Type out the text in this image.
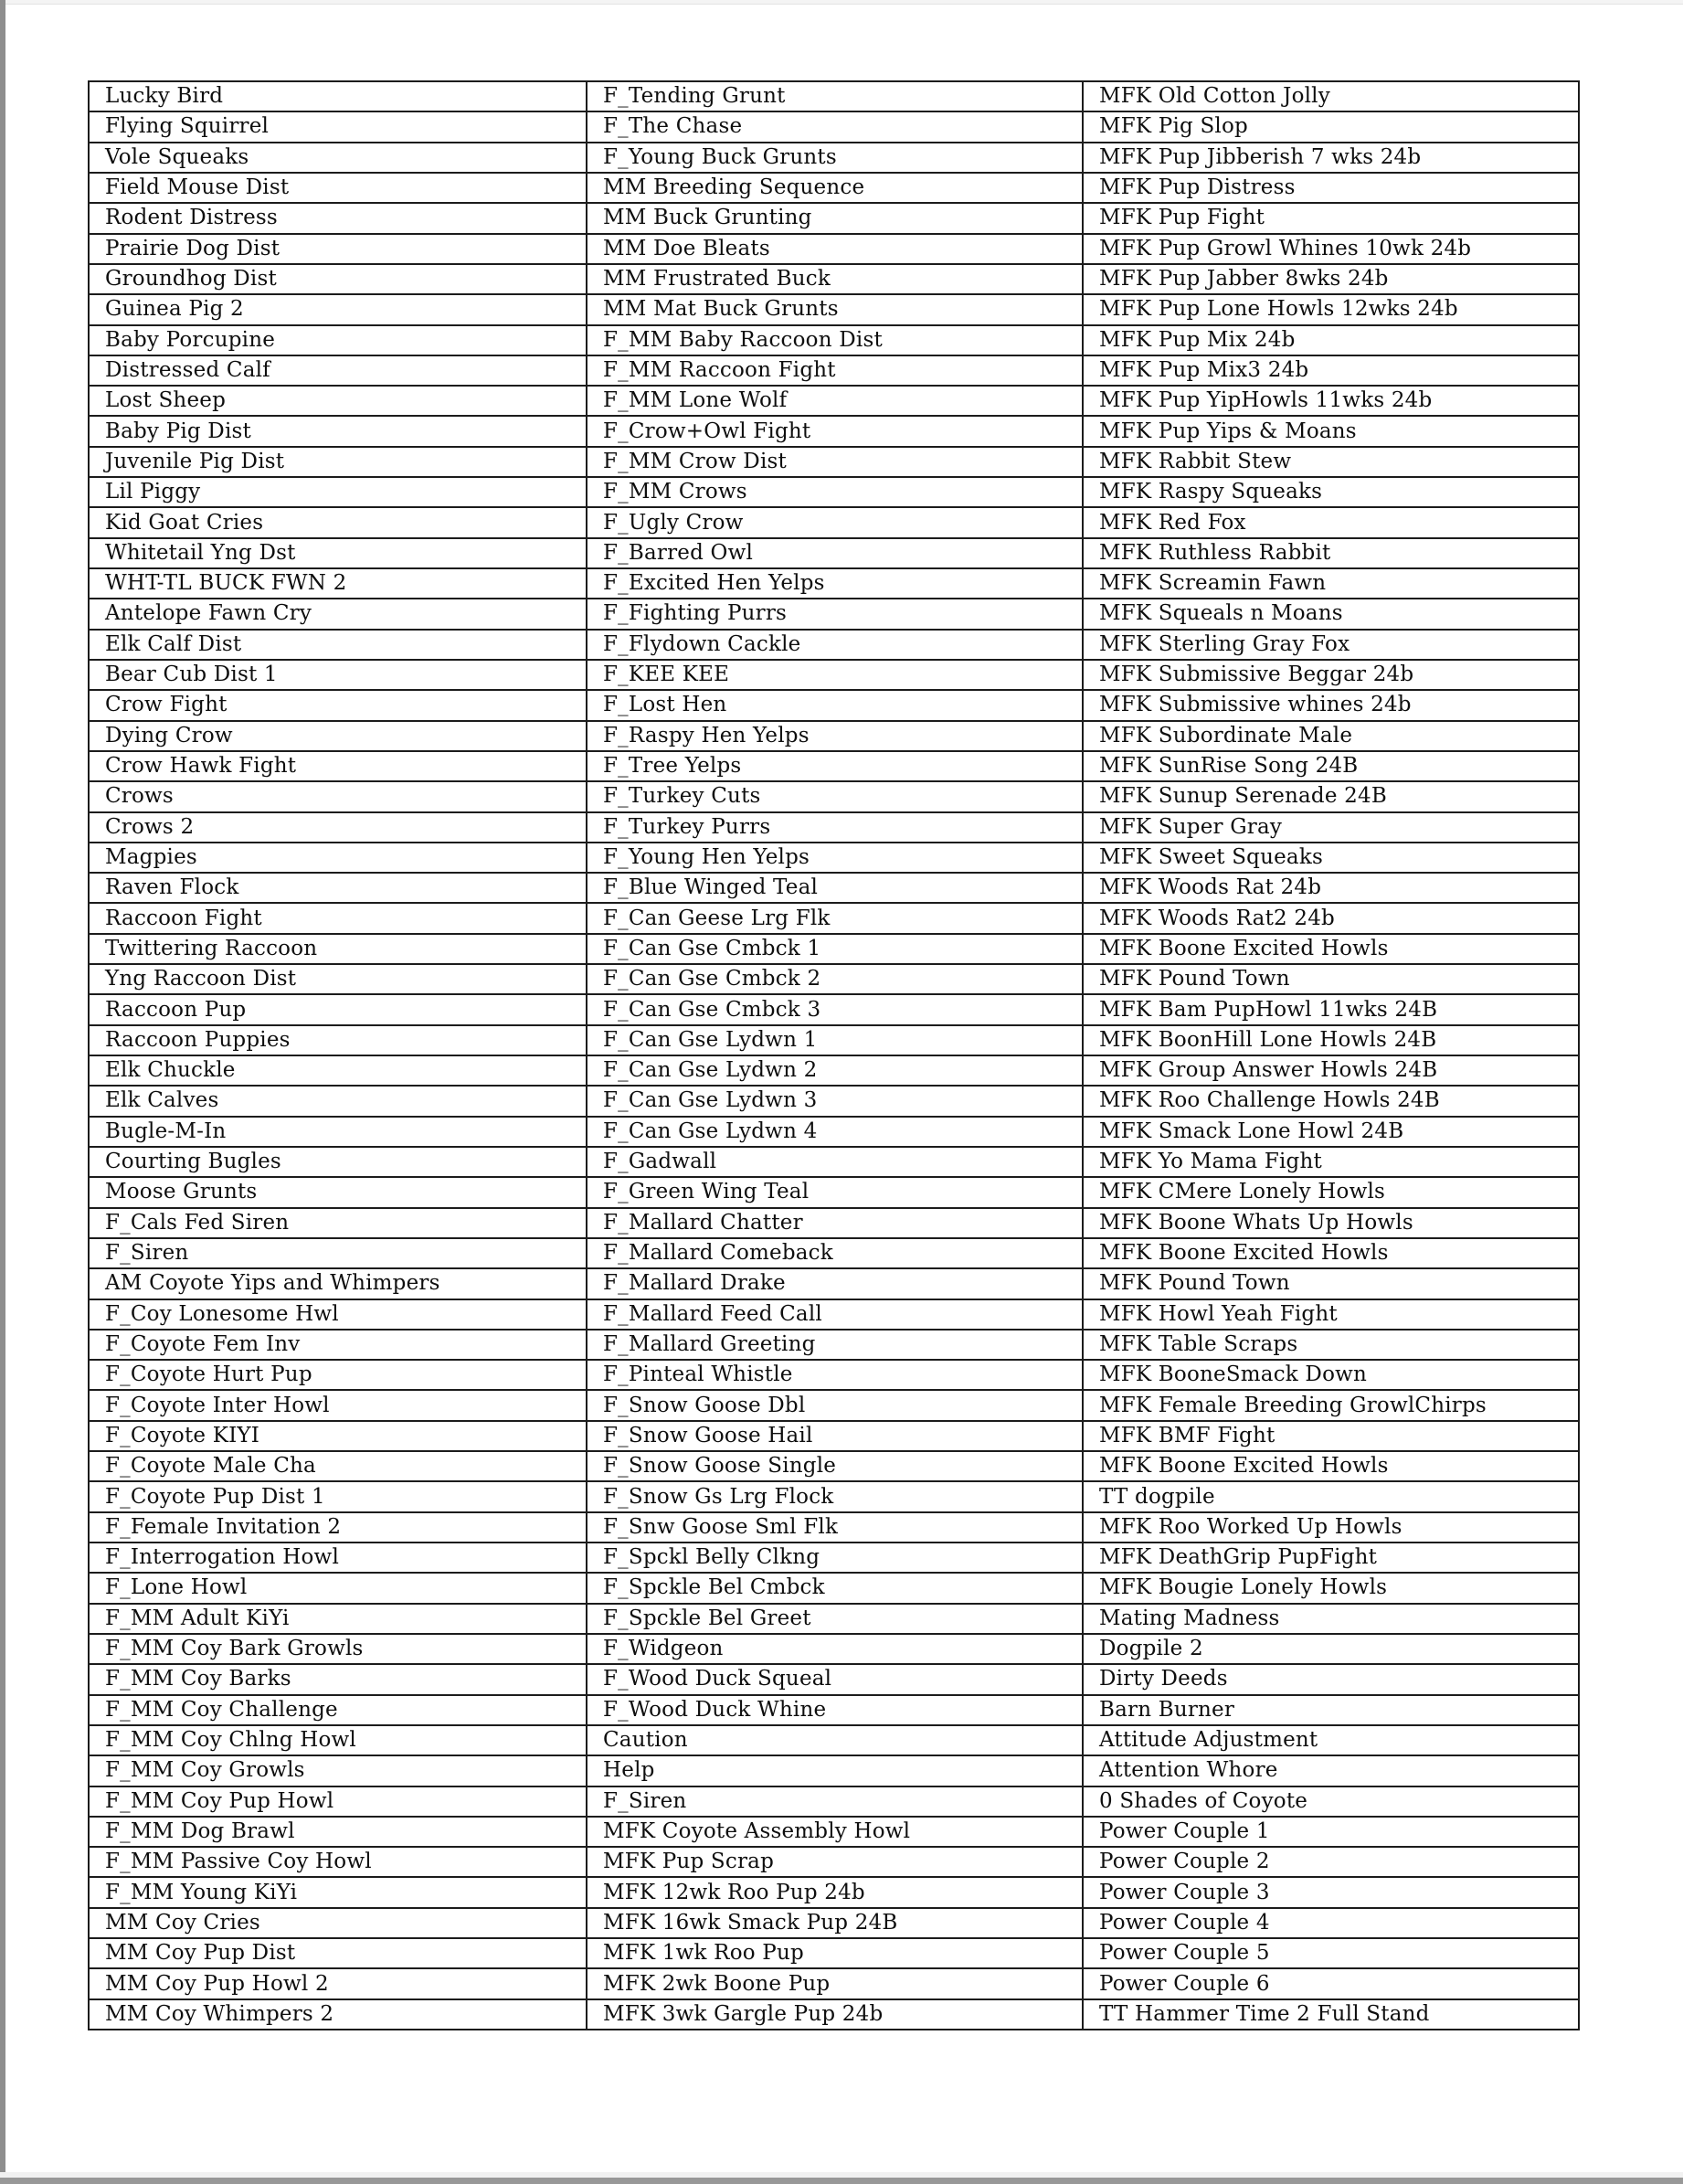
Lucky Bird	F_Tending Grunt	MFK Old Cotton Jolly
Flying Squirrel	F_The Chase	MFK Pig Slop
Vole Squeaks	F_Young Buck Grunts	MFK Pup Jibberish 7 wks 24b
Field Mouse Dist	MM Breeding Sequence	MFK Pup Distress
Rodent Distress	MM Buck Grunting	MFK Pup Fight
Prairie Dog Dist	MM Doe Bleats	MFK Pup Growl Whines 10wk 24b
Groundhog Dist	MM Frustrated Buck	MFK Pup Jabber 8wks 24b
Guinea Pig 2	MM Mat Buck Grunts	MFK Pup Lone Howls 12wks 24b
Baby Porcupine	F_MM Baby Raccoon Dist	MFK Pup Mix 24b
Distressed Calf	F_MM Raccoon Fight	MFK Pup Mix3 24b
Lost Sheep	F_MM Lone Wolf	MFK Pup YipHowls 11wks 24b
Baby Pig Dist	F_Crow+Owl Fight	MFK Pup Yips & Moans
Juvenile Pig Dist	F_MM Crow Dist	MFK Rabbit Stew
Lil Piggy	F_MM Crows	MFK Raspy Squeaks
Kid Goat Cries	F_Ugly Crow	MFK Red Fox
Whitetail Yng Dst	F_Barred Owl	MFK Ruthless Rabbit
WHT-TL BUCK FWN 2	F_Excited Hen Yelps	MFK Screamin Fawn
Antelope Fawn Cry	F_Fighting Purrs	MFK Squeals n Moans
Elk Calf Dist	F_Flydown Cackle	MFK Sterling Gray Fox
Bear Cub Dist 1	F_KEE KEE	MFK Submissive Beggar 24b
Crow Fight	F_Lost Hen	MFK Submissive whines 24b
Dying Crow	F_Raspy Hen Yelps	MFK Subordinate Male
Crow Hawk Fight	F_Tree Yelps	MFK SunRise Song 24B
Crows	F_Turkey Cuts	MFK Sunup Serenade 24B
Crows 2	F_Turkey Purrs	MFK Super Gray
Magpies	F_Young Hen Yelps	MFK Sweet Squeaks
Raven Flock	F_Blue Winged Teal	MFK Woods Rat 24b
Raccoon Fight	F_Can Geese Lrg Flk	MFK Woods Rat2 24b
Twittering Raccoon	F_Can Gse Cmbck 1	MFK Boone Excited Howls
Yng Raccoon Dist	F_Can Gse Cmbck 2	MFK Pound Town
Raccoon Pup	F_Can Gse Cmbck 3	MFK Bam PupHowl 11wks 24B
Raccoon Puppies	F_Can Gse Lydwn 1	MFK BoonHill Lone Howls 24B
Elk Chuckle	F_Can Gse Lydwn 2	MFK Group Answer Howls 24B
Elk Calves	F_Can Gse Lydwn 3	MFK Roo Challenge Howls 24B
Bugle-M-In	F_Can Gse Lydwn 4	MFK Smack Lone Howl 24B
Courting Bugles	F_Gadwall	MFK Yo Mama Fight
Moose Grunts	F_Green Wing Teal	MFK CMere Lonely Howls
F_Cals Fed Siren	F_Mallard Chatter	MFK Boone Whats Up Howls
F_Siren	F_Mallard Comeback	MFK Boone Excited Howls
AM Coyote Yips and Whimpers	F_Mallard Drake	MFK Pound Town
F_Coy Lonesome Hwl	F_Mallard Feed Call	MFK Howl Yeah Fight
F_Coyote Fem Inv	F_Mallard Greeting	MFK Table Scraps
F_Coyote Hurt Pup	F_Pinteal Whistle	MFK BooneSmack Down
F_Coyote Inter Howl	F_Snow Goose Dbl	MFK Female Breeding GrowlChirps
F_Coyote KIYI	F_Snow Goose Hail	MFK BMF Fight
F_Coyote Male Cha	F_Snow Goose Single	MFK Boone Excited Howls
F_Coyote Pup Dist 1	F_Snow Gs Lrg Flock	TT dogpile
F_Female Invitation 2	F_Snw Goose Sml Flk	MFK Roo Worked Up Howls
F_Interrogation Howl	F_Spckl Belly Clkng	MFK DeathGrip PupFight
F_Lone Howl	F_Spckle Bel Cmbck	MFK Bougie Lonely Howls
F_MM Adult KiYi	F_Spckle Bel Greet	Mating Madness
F_MM Coy Bark Growls	F_Widgeon	Dogpile 2
F_MM Coy Barks	F_Wood Duck Squeal	Dirty Deeds
F_MM Coy Challenge	F_Wood Duck Whine	Barn Burner
F_MM Coy Chlng Howl	Caution	Attitude Adjustment
F_MM Coy Growls	Help	Attention Whore
F_MM Coy Pup Howl	F_Siren	0 Shades of Coyote
F_MM Dog Brawl	MFK Coyote Assembly Howl	Power Couple 1
F_MM Passive Coy Howl	MFK Pup Scrap	Power Couple 2
F_MM Young KiYi	MFK 12wk Roo Pup 24b	Power Couple 3
MM Coy Cries	MFK 16wk Smack Pup 24B	Power Couple 4
MM Coy Pup Dist	MFK 1wk Roo Pup	Power Couple 5
MM Coy Pup Howl 2	MFK 2wk Boone Pup	Power Couple 6
MM Coy Whimpers 2	MFK 3wk Gargle Pup 24b	TT Hammer Time 2 Full Stand
